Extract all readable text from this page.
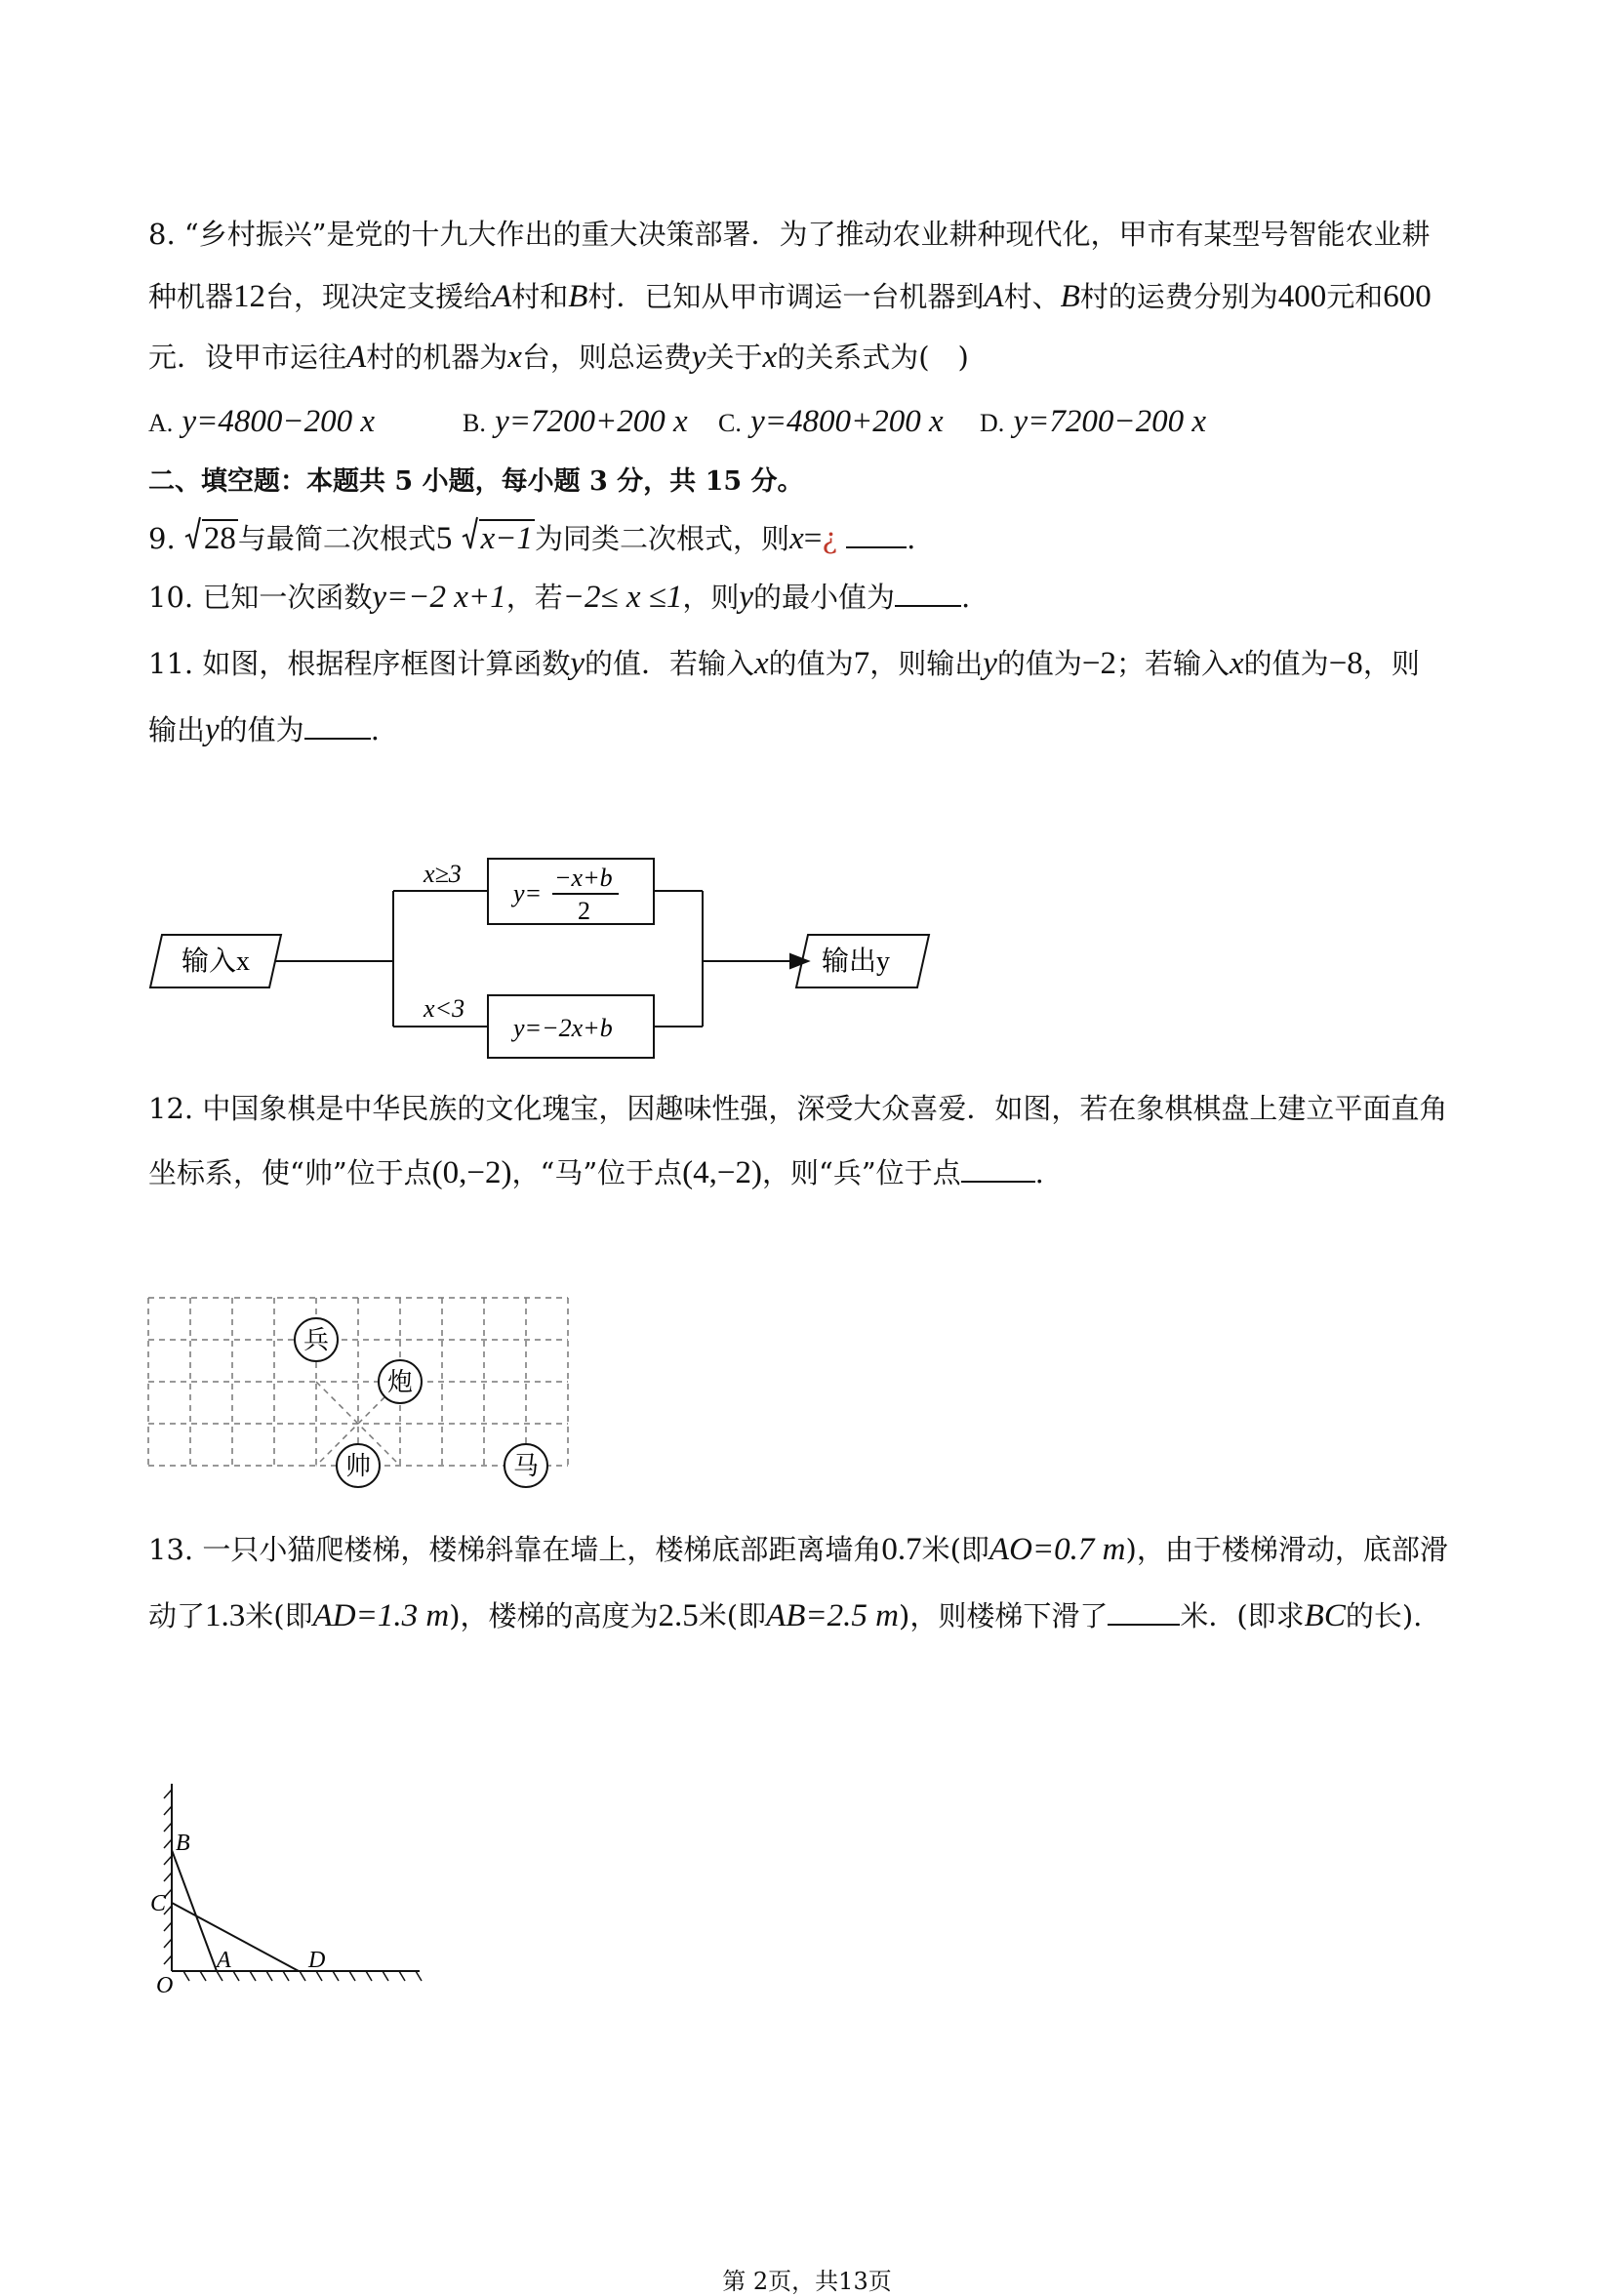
8. “乡村振兴”是党的十九大作出的重大决策部署．为了推动农业耕种现代化，甲市有某型号智能农业耕
种机器12台，现决定支援给A村和B村．已知从甲市调运一台机器到A村、B村的运费分别为400元和600
元．设甲市运往A村的机器为x台，则总运费y关于x的关系式为(　)
A. y=4800−200 x	B. y=7200+200 x C. y=4800+200 x D. y=7200−200 x
二、填空题：本题共 5 小题，每小题 3 分，共 15 分。
9. 28与最简二次根式5 x−1为同类二次根式，则x=¿ .
10. 已知一次函数y=−2 x+1，若−2≤ x ≤1，则y的最小值为 .
11. 如图，根据程序框图计算函数y的值．若输入x的值为7，则输出y的值为−2；若输入x的值为−8，则
输出y的值为 .
输入x	输出y
x≥3
x<3
y=
−x+b
2
y=−2x+b
12. 中国象棋是中华民族的文化瑰宝，因趣味性强，深受大众喜爱．如图，若在象棋棋盘上建立平面直角
坐标系，使“帅”位于点(0,−2)，“马”位于点(4,−2)，则“兵”位于点	.
兵
炮
帅	马
13. 一只小猫爬楼梯，楼梯斜靠在墙上，楼梯底部距离墙角0.7米(即AO=0.7 m)，由于楼梯滑动，底部滑
动了1.3米(即AD=1.3 m)，楼梯的高度为2.5米(即AB=2.5 m)，则楼梯下滑了	米．(即求BC的长).
B
C
A	D
O
第 2页，共13页
